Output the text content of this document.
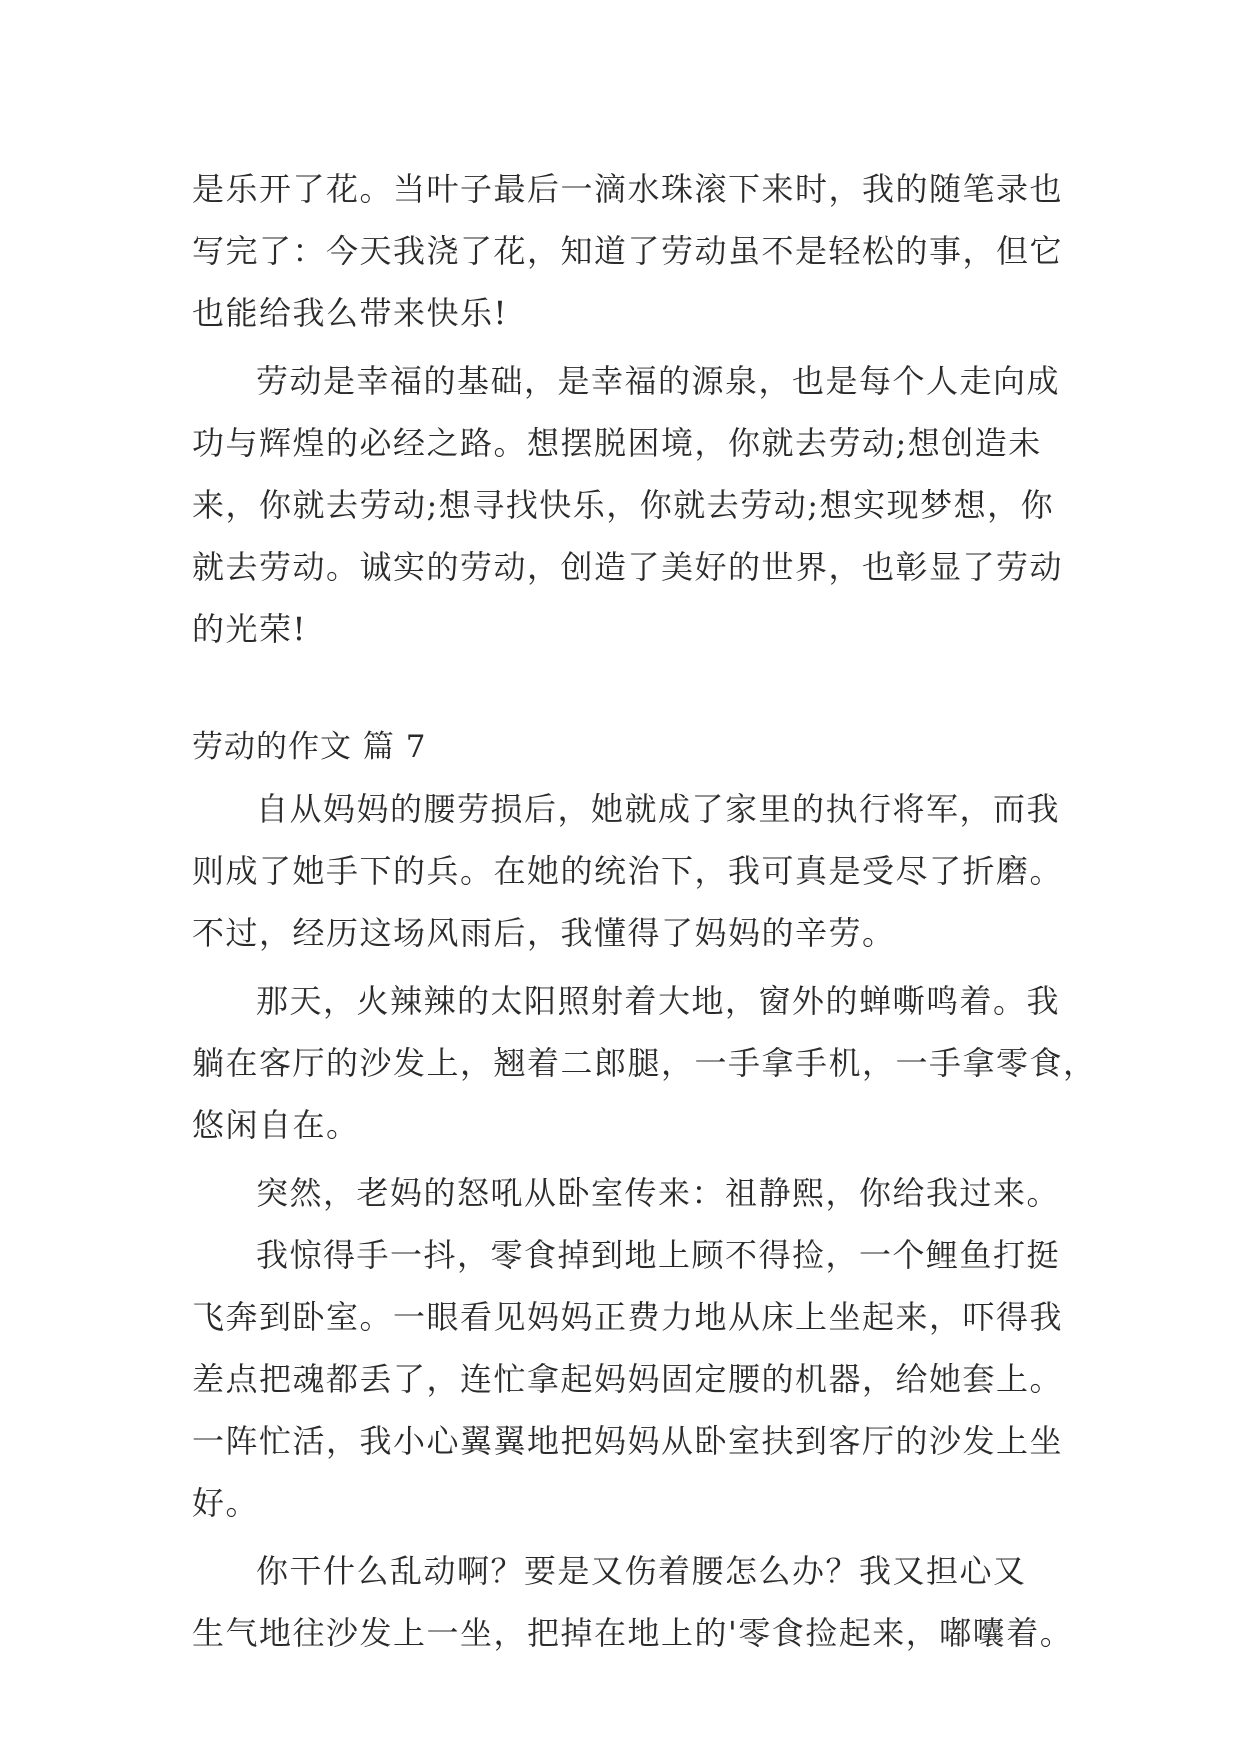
是乐开了花。当叶子最后一滴水珠滚下来时，我的随笔录也
写完了：今天我浇了花，知道了劳动虽不是轻松的事，但它
也能给我么带来快乐!
劳动是幸福的基础，是幸福的源泉，也是每个人走向成
功与辉煌的必经之路。想摆脱困境，你就去劳动;想创造未
来，你就去劳动;想寻找快乐，你就去劳动;想实现梦想，你
就去劳动。诚实的劳动，创造了美好的世界，也彰显了劳动
的光荣!
劳动的作文 篇 7
自从妈妈的腰劳损后，她就成了家里的执行将军，而我
则成了她手下的兵。在她的统治下，我可真是受尽了折磨。
不过，经历这场风雨后，我懂得了妈妈的辛劳。
那天，火辣辣的太阳照射着大地，窗外的蝉嘶鸣着。我
躺在客厅的沙发上，翘着二郎腿，一手拿手机，一手拿零食，
悠闲自在。
突然，老妈的怒吼从卧室传来：祖静熙，你给我过来。
我惊得手一抖，零食掉到地上顾不得捡，一个鲤鱼打挺
飞奔到卧室。一眼看见妈妈正费力地从床上坐起来，吓得我
差点把魂都丢了，连忙拿起妈妈固定腰的机器，给她套上。
一阵忙活，我小心翼翼地把妈妈从卧室扶到客厅的沙发上坐
好。
你干什么乱动啊？要是又伤着腰怎么办？我又担心又
生气地往沙发上一坐，把掉在地上的'零食捡起来，嘟囔着。
